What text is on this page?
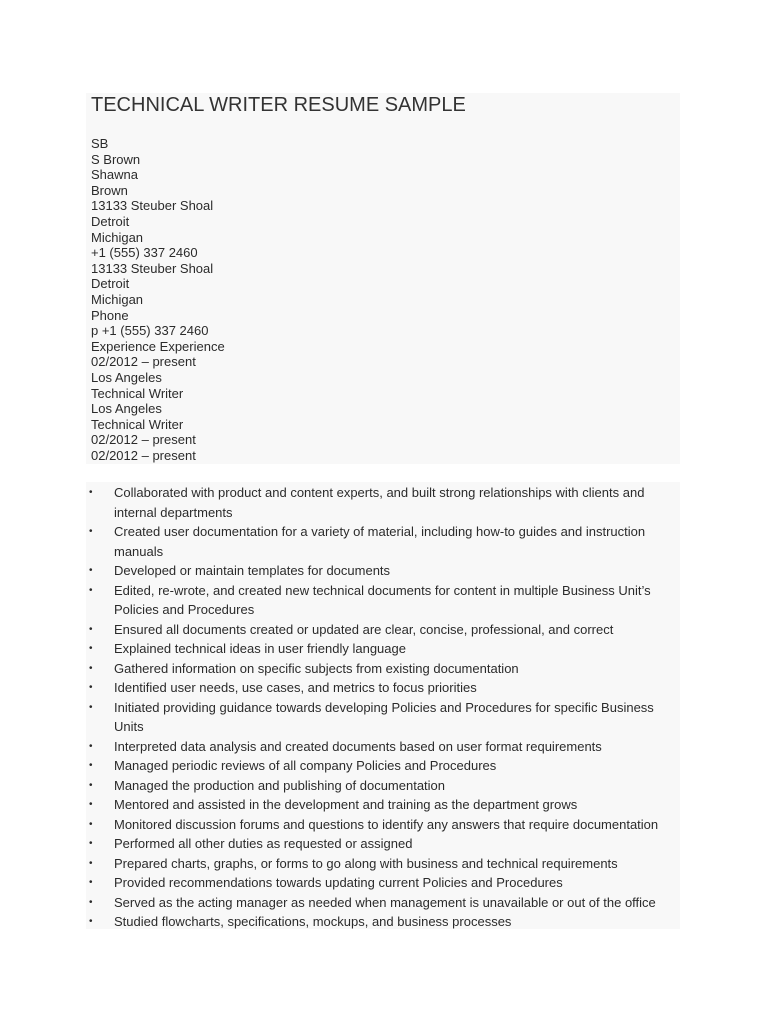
TECHNICAL WRITER RESUME SAMPLE
SB
S Brown
Shawna
Brown
13133 Steuber Shoal
Detroit
Michigan
+1 (555) 337 2460
13133 Steuber Shoal
Detroit
Michigan
Phone
p +1 (555) 337 2460
Experience Experience
02/2012 – present
Los Angeles
Technical Writer
Los Angeles
Technical Writer
02/2012 – present
02/2012 – present
• Collaborated with product and content experts, and built strong relationships with clients and internal departments
• Created user documentation for a variety of material, including how-to guides and instruction manuals
• Developed or maintain templates for documents
• Edited, re-wrote, and created new technical documents for content in multiple Business Unit’s Policies and Procedures
• Ensured all documents created or updated are clear, concise, professional, and correct
• Explained technical ideas in user friendly language
• Gathered information on specific subjects from existing documentation
• Identified user needs, use cases, and metrics to focus priorities
• Initiated providing guidance towards developing Policies and Procedures for specific Business Units
• Interpreted data analysis and created documents based on user format requirements
• Managed periodic reviews of all company Policies and Procedures
• Managed the production and publishing of documentation
• Mentored and assisted in the development and training as the department grows
• Monitored discussion forums and questions to identify any answers that require documentation
• Performed all other duties as requested or assigned
• Prepared charts, graphs, or forms to go along with business and technical requirements
• Provided recommendations towards updating current Policies and Procedures
• Served as the acting manager as needed when management is unavailable or out of the office
• Studied flowcharts, specifications, mockups, and business processes
